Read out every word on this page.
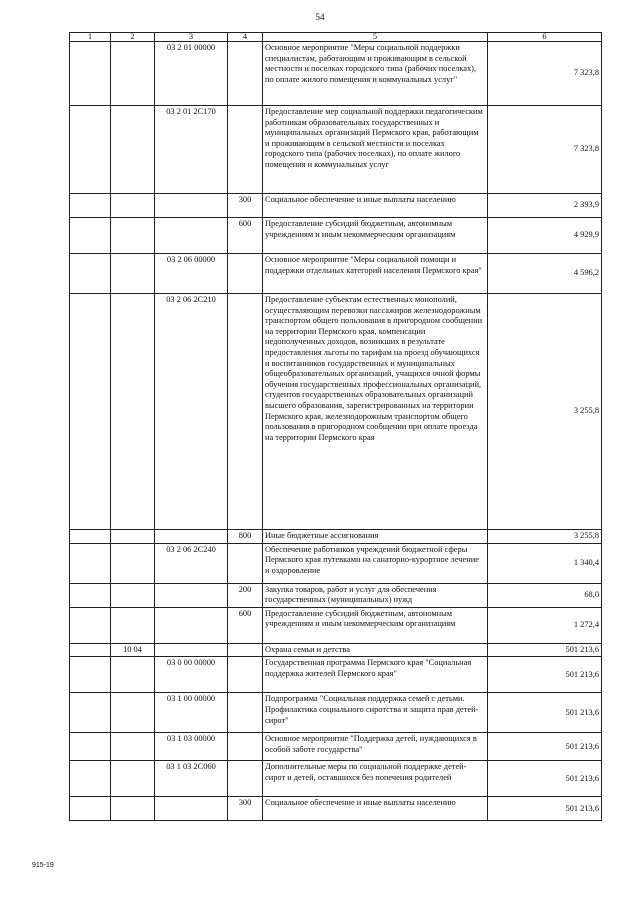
54
1	2	3	4	5	6
		03 2 01 00000		Основное мероприятие "Меры социальной поддержки специалистам, работающим и проживающим в сельской местности и поселках городского типа (рабочих поселках), по оплате жилого помещения и коммунальных услуг"	7 323,8
		03 2 01 2C170		Предоставление мер социальной поддержки педагогическим работникам образовательных государственных и муниципальных организаций Пермского края, работающим и проживающим в сельской местности и поселках городского типа (рабочих поселках), по оплате жилого помещения и коммунальных услуг	7 323,8
			300	Социальное обеспечение и иные выплаты населению	2 393,9
			600	Предоставление субсидий бюджетным, автономным учреждениям и иным некоммерческим организациям	4 929,9
		03 2 06 00000		Основное мероприятие "Меры социальной помощи и поддержки отдельных категорий населения Пермского края"	4 596,2
		03 2 06 2C210		Предоставление субъектам естественных монополий, осуществляющим перевозки пассажиров железнодорожным транспортом общего пользования в пригородном сообщении на территории Пермского края, компенсации недополученных доходов, возникших в результате предоставления льготы по тарифам на проезд обучающихся и воспитанников государственных и муниципальных общеобразовательных организаций, учащихся очной формы обучения государственных профессиональных организаций, студентов государственных образовательных организаций высшего образования, зарегистрированных на территории Пермского края, железнодорожным транспортом общего пользования в пригородном сообщении при оплате проезда на территории Пермского края	3 255,8
			800	Иные бюджетные ассигнования	3 255,8
		03 2 06 2C240		Обеспечение работников учреждений бюджетной сферы Пермского края путевками на санаторно-курортное лечение и оздоровление	1 340,4
			200	Закупка товаров, работ и услуг для обеспечения государственных (муниципальных) нужд	68,0
			600	Предоставление субсидий бюджетным, автономным учреждениям и иным некоммерческим организациям	1 272,4
	10 04			Охрана семьи и детства	501 213,6
		03 0 00 00000		Государственная программа Пермского края "Социальная поддержка жителей Пермского края"	501 213,6
		03 1 00 00000		Подпрограмма "Социальная поддержка семей с детьми. Профилактика социального сиротства и защита прав детей-сирот"	501 213,6
		03 1 03 00000		Основное мероприятие "Поддержка детей, нуждающихся в особой заботе государства"	501 213,6
		03 1 03 2C060		Дополнительные меры по социальной поддержке детей-сирот и детей, оставшихся без попечения родителей	501 213,6
			300	Социальное обеспечение и иные выплаты населению	501 213,6
915-19
